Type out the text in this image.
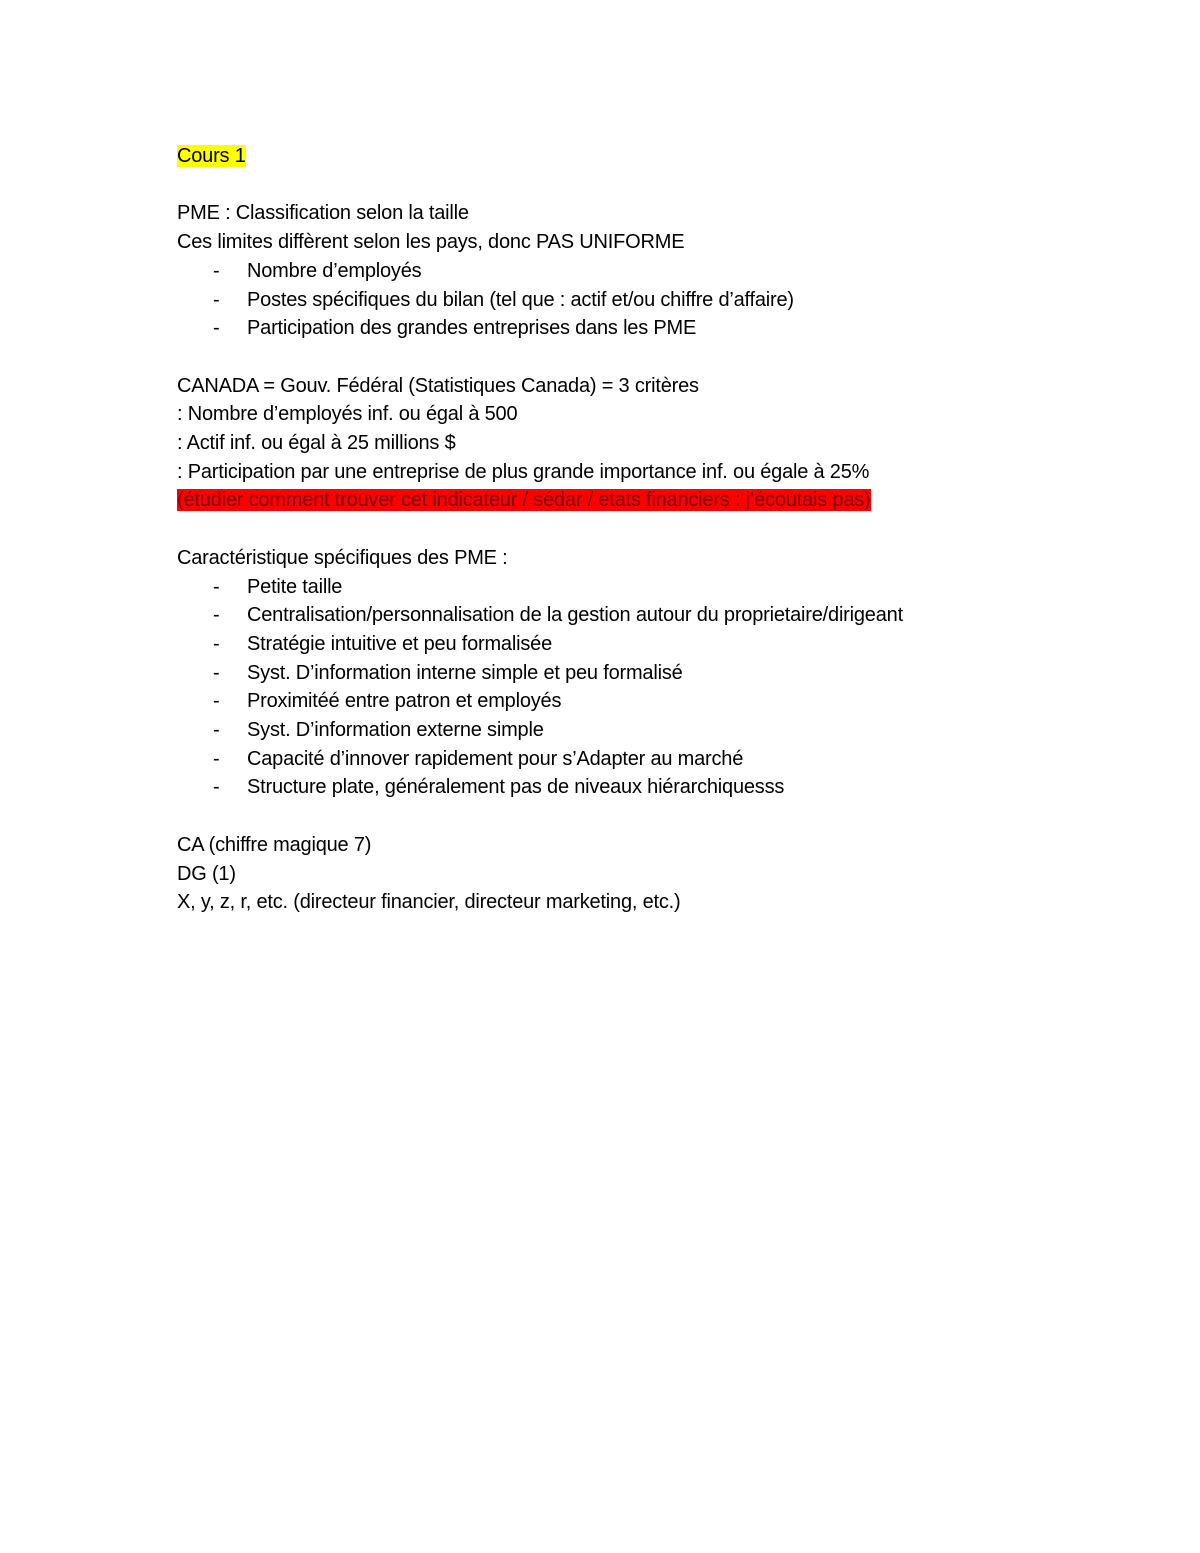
Cours 1
PME : Classification selon la taille
Ces limites diffèrent selon les pays, donc PAS UNIFORME
- Nombre d’employés
- Postes spécifiques du bilan (tel que : actif et/ou chiffre d’affaire)
- Participation des grandes entreprises dans les PME
CANADA = Gouv. Fédéral (Statistiques Canada) = 3 critères
: Nombre d’employés inf. ou égal à 500
: Actif inf. ou égal à 25 millions $
: Participation par une entreprise de plus grande importance inf. ou égale à 25%
(étudier comment trouver cet indicateur / sédar / etats financiers : j’écoutais pas)
Caractéristique spécifiques des PME :
- Petite taille
- Centralisation/personnalisation de la gestion autour du proprietaire/dirigeant
- Stratégie intuitive et peu formalisée
- Syst. D’information interne simple et peu formalisé
- Proximitéé entre patron et employés
- Syst. D’information externe simple
- Capacité d’innover rapidement pour s’Adapter au marché
- Structure plate, généralement pas de niveaux hiérarchiquesss
CA (chiffre magique 7)
DG (1)
X, y, z, r, etc. (directeur financier, directeur marketing, etc.)
